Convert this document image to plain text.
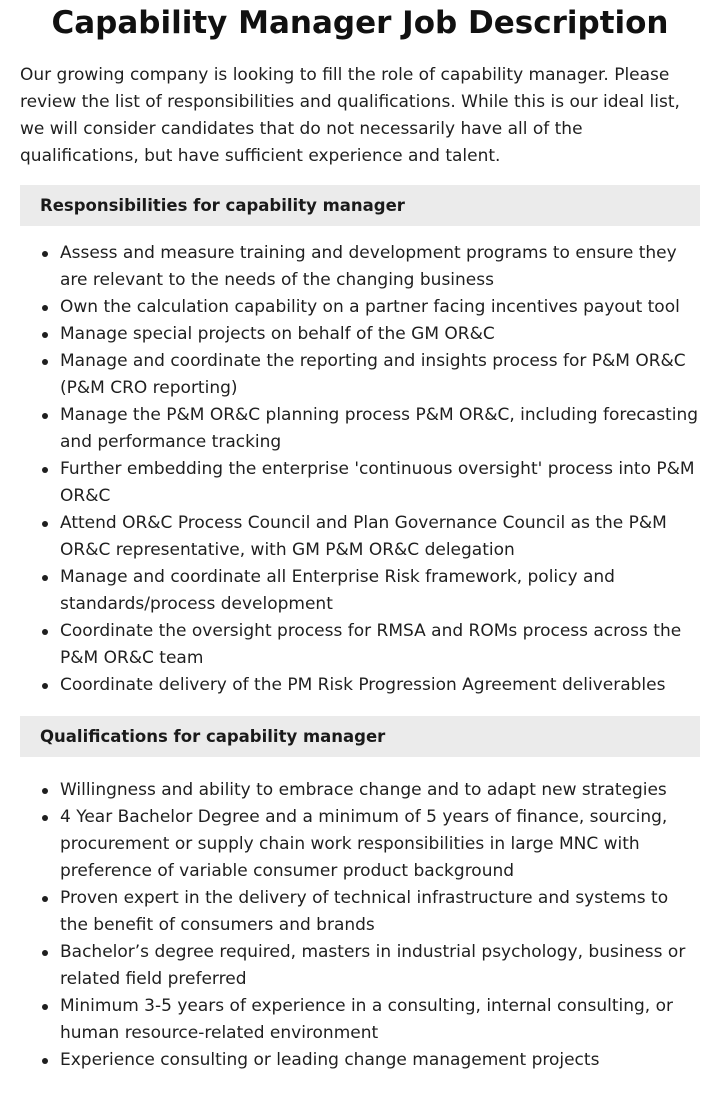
Capability Manager Job Description

Our growing company is looking to fill the role of capability manager. Please review the list of responsibilities and qualifications. While this is our ideal list, we will consider candidates that do not necessarily have all of the qualifications, but have sufficient experience and talent.

Responsibilities for capability manager
Assess and measure training and development programs to ensure they are relevant to the needs of the changing business
Own the calculation capability on a partner facing incentives payout tool
Manage special projects on behalf of the GM OR&C
Manage and coordinate the reporting and insights process for P&M OR&C (P&M CRO reporting)
Manage the P&M OR&C planning process P&M OR&C, including forecasting and performance tracking
Further embedding the enterprise 'continuous oversight' process into P&M OR&C
Attend OR&C Process Council and Plan Governance Council as the P&M OR&C representative, with GM P&M OR&C delegation
Manage and coordinate all Enterprise Risk framework, policy and standards/process development
Coordinate the oversight process for RMSA and ROMs process across the P&M OR&C team
Coordinate delivery of the PM Risk Progression Agreement deliverables
Qualifications for capability manager
Willingness and ability to embrace change and to adapt new strategies
4 Year Bachelor Degree and a minimum of 5 years of finance, sourcing, procurement or supply chain work responsibilities in large MNC with preference of variable consumer product background
Proven expert in the delivery of technical infrastructure and systems to the benefit of consumers and brands
Bachelor’s degree required, masters in industrial psychology, business or related field preferred
Minimum 3-5 years of experience in a consulting, internal consulting, or human resource-related environment
Experience consulting or leading change management projects
